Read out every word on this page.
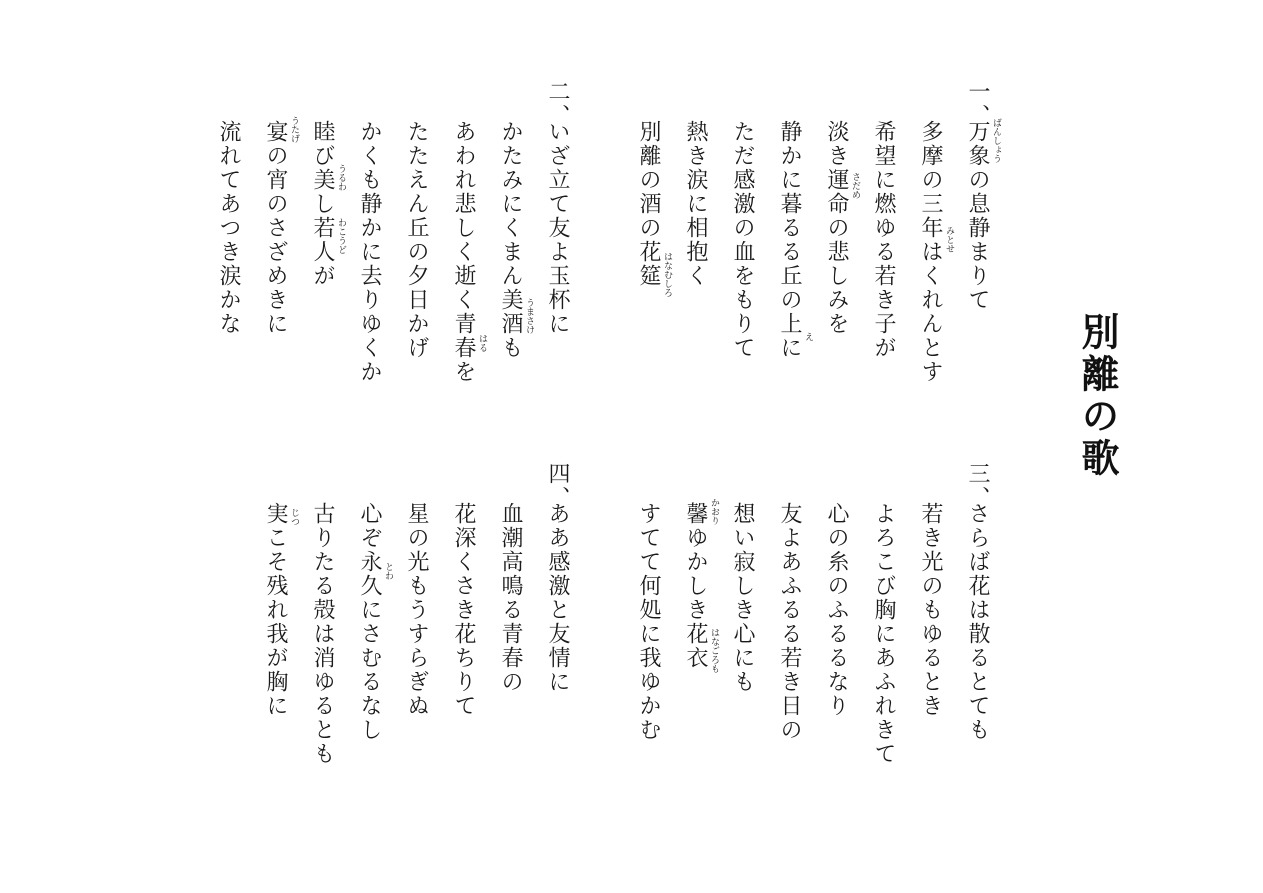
別離の歌
一、
万象の息静まりて
多摩の三年はくれんとす
希望に燃ゆる若き子が
淡き運命の悲しみを
静かに暮るる丘の上に
ただ感激の血をもりて
熱き涙に相抱く
別離の酒の花筵	ばんしょう
みとせ
さだめ
え
はなむしろ
二、
いざ立て友よ玉杯に
かたみにくまん美酒も
あわれ悲しく逝く青春を
たたえん丘の夕日かげ
かくも静かに去りゆくか
睦び美し若人が
宴の宵のさざめきに
流れてあつき涙かな	うまさけ
はる
うるわ
わこうど
うたげ
三、
さらば花は散るとても
若き光のもゆるとき
よろこび胸にあふれきて
心の糸のふるるなり
友よあふるる若き日の
想い寂しき心にも
馨ゆかしき花衣
すてて何処に我ゆかむ	かおり
はなごろも
四、
ああ感激と友情に
血潮高鳴る青春の
花深くさき花ちりて
星の光もうすらぎぬ
心ぞ永久にさむるなし
古りたる殻は消ゆるとも
実こそ残れ我が胸に	とわ
じつ
